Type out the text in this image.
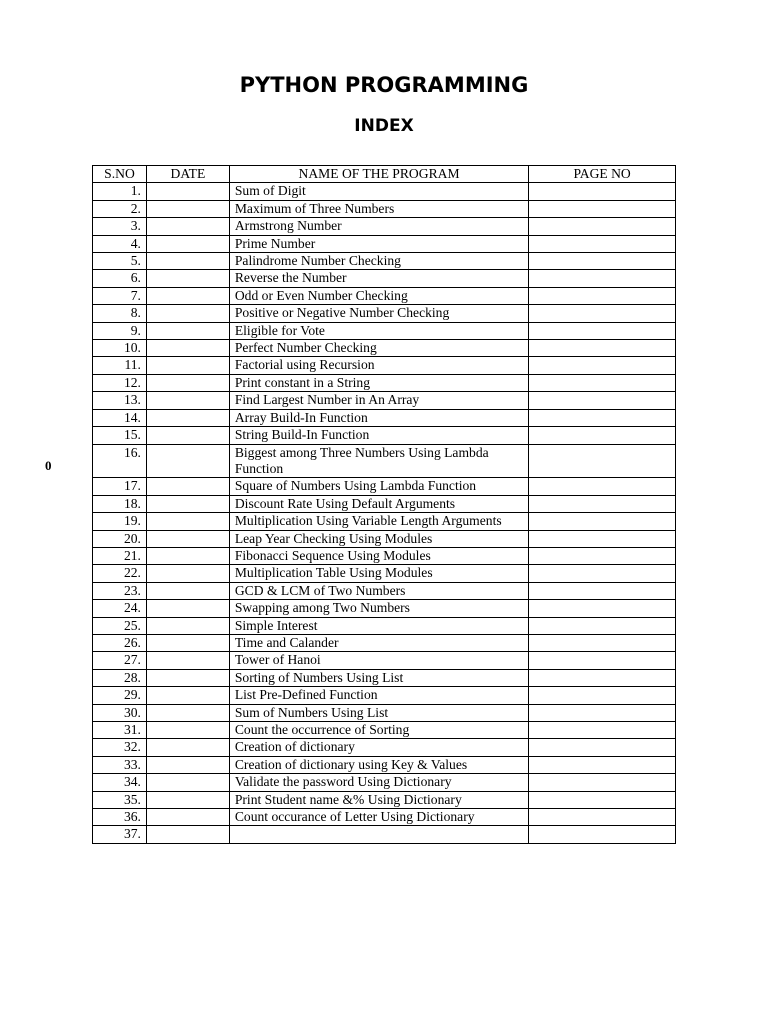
PYTHON PROGRAMMING
INDEX
0
S.NO	DATE	NAME OF THE PROGRAM	PAGE NO
1.		Sum of Digit	
2.		Maximum of Three Numbers	
3.		Armstrong Number	
4.		Prime Number	
5.		Palindrome Number Checking	
6.		Reverse the Number	
7.		Odd or Even Number Checking	
8.		Positive or Negative Number Checking	
9.		Eligible for Vote	
10.		Perfect Number Checking	
11.		Factorial using Recursion	
12.		Print constant in a String	
13.		Find Largest Number in An Array	
14.		Array Build-In Function	
15.		String Build-In Function	
16.		Biggest among Three Numbers Using Lambda Function	
17.		Square of Numbers Using Lambda Function	
18.		Discount Rate Using Default Arguments	
19.		Multiplication Using Variable Length Arguments	
20.		Leap Year Checking Using Modules	
21.		Fibonacci Sequence Using Modules	
22.		Multiplication Table Using Modules	
23.		GCD & LCM of Two Numbers	
24.		Swapping among Two Numbers	
25.		Simple Interest	
26.		Time and Calander	
27.		Tower of Hanoi	
28.		Sorting of Numbers Using List	
29.		List Pre-Defined Function	
30.		Sum of Numbers Using List	
31.		Count the occurrence of Sorting	
32.		Creation of dictionary	
33.		Creation of dictionary using Key & Values	
34.		Validate the password Using Dictionary	
35.		Print Student name &% Using Dictionary	
36.		Count occurance of Letter Using Dictionary	
37.			
